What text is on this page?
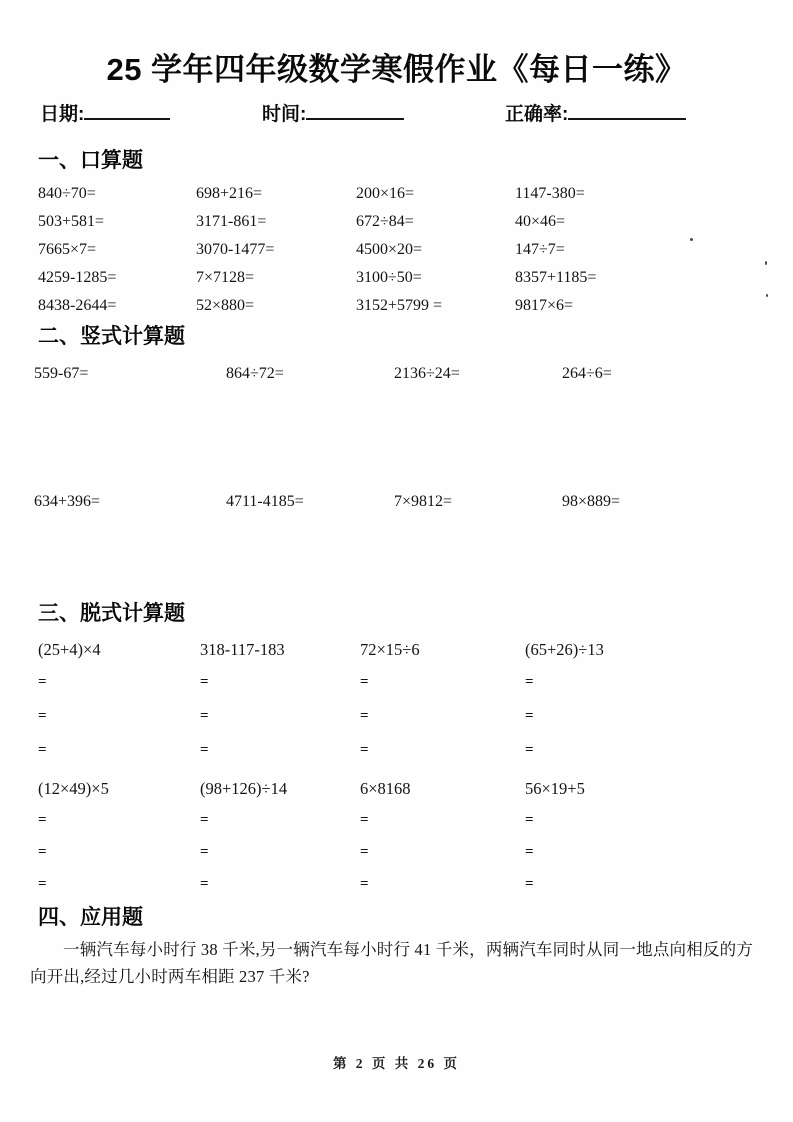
25 学年四年级数学寒假作业《每日一练》
日期:	时间:	正确率:
一、口算题
840÷70=	698+216=	200×16=	1147-380=
503+581=	3171-861=	672÷84=	40×46=
7665×7=	3070-1477=	4500×20=	147÷7=
4259-1285=	7×7128=	3100÷50=	8357+1185=
8438-2644=	52×880=	3152+5799 =	9817×6=
二、竖式计算题
559-67=	864÷72=	2136÷24=	264÷6=
634+396=	4711-4185=	7×9812=	98×889=
三、脱式计算题
(25+4)×4	318-117-183	72×15÷6	(65+26)÷13
=	=	=	=
=	=	=	=
=	=	=	=
(12×49)×5	(98+126)÷14	6×8168	56×19+5
=	=	=	=
=	=	=	=
=	=	=	=
四、应用题

一辆汽车每小时行 38 千米,另一辆汽车每小时行 41 千米，两辆汽车同时从同一地点向相反的方向开出,经过几小时两车相距 237 千米?

第 2 页 共 26 页
